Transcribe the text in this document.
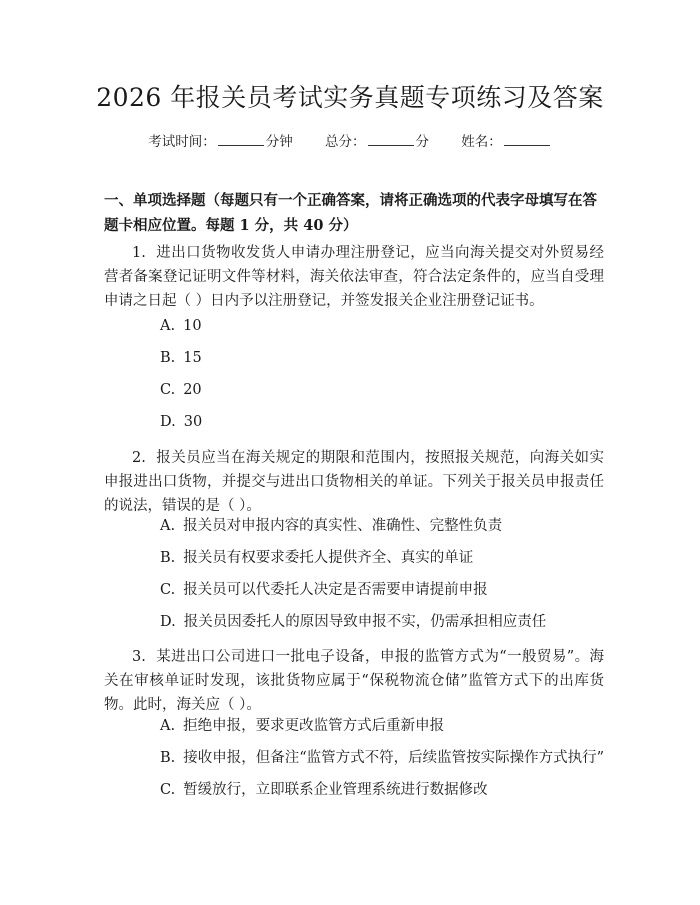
2026 年报关员考试实务真题专项练习及答案
考试时间：	分钟 总分：	分 姓名：
一、单项选择题（每题只有一个正确答案，请将正确选项的代表字母填写在答题卡相应位置。每题 1 分，共 40 分）
1. 进出口货物收发货人申请办理注册登记，应当向海关提交对外贸易经营者备案登记证明文件等材料，海关依法审查，符合法定条件的，应当自受理申请之日起（ ）日内予以注册登记，并签发报关企业注册登记证书。
A. 10
B. 15
C. 20
D. 30
2. 报关员应当在海关规定的期限和范围内，按照报关规范，向海关如实申报进出口货物，并提交与进出口货物相关的单证。下列关于报关员申报责任的说法，错误的是（ ）。
A. 报关员对申报内容的真实性、准确性、完整性负责
B. 报关员有权要求委托人提供齐全、真实的单证
C. 报关员可以代委托人决定是否需要申请提前申报
D. 报关员因委托人的原因导致申报不实，仍需承担相应责任
3. 某进出口公司进口一批电子设备，申报的监管方式为“一般贸易”。海关在审核单证时发现，该批货物应属于“保税物流仓储”监管方式下的出库货物。此时，海关应（ ）。
A. 拒绝申报，要求更改监管方式后重新申报
B. 接收申报，但备注“监管方式不符，后续监管按实际操作方式执行”
C. 暂缓放行，立即联系企业管理系统进行数据修改
